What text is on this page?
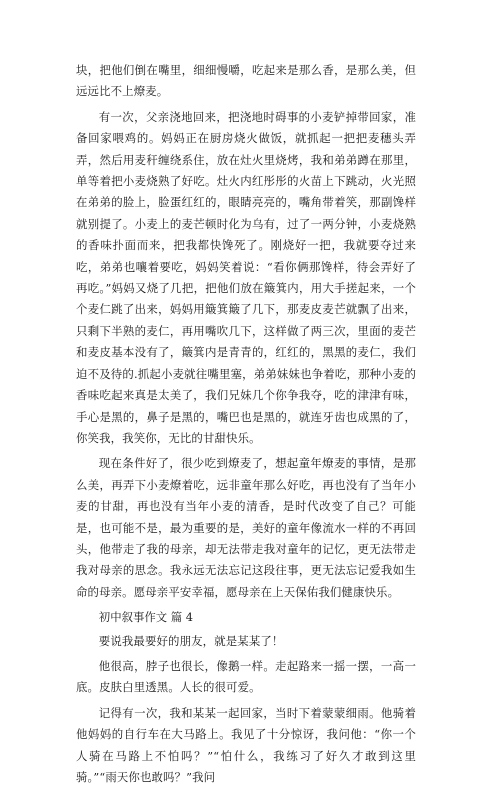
块，把他们倒在嘴里，细细慢嚼，吃起来是那么香，是那么美，但远远比不上燎麦。

有一次，父亲浇地回来，把浇地时碍事的小麦铲掉带回家，准备回家喂鸡的。妈妈正在厨房烧火做饭，就抓起一把把麦穗头弄弄，然后用麦秆缠绕系住，放在灶火里烧烤，我和弟弟蹲在那里，单等着把小麦烧熟了好吃。灶火内红彤彤的火苗上下跳动，火光照在弟弟的脸上，脸蛋红红的，眼睛亮亮的，嘴角带着笑，那副馋样就别提了。小麦上的麦芒顿时化为乌有，过了一两分钟，小麦烧熟的香味扑面而来，把我都快馋死了。刚烧好一把，我就要夺过来吃，弟弟也嚷着要吃，妈妈笑着说：“看你俩那馋样，待会弄好了再吃。”妈妈又烧了几把，把他们放在簸箕内，用大手搓起来，一个个麦仁跳了出来，妈妈用簸箕簸了几下，那麦皮麦芒就飘了出来，只剩下半熟的麦仁，再用嘴吹几下，这样做了两三次，里面的麦芒和麦皮基本没有了，簸箕内是青青的，红红的，黑黑的麦仁，我们迫不及待的.抓起小麦就往嘴里塞，弟弟妹妹也争着吃，那种小麦的香味吃起来真是太美了，我们兄妹几个你争我夺，吃的津津有味，手心是黑的，鼻子是黑的，嘴巴也是黑的，就连牙齿也成黑的了，你笑我，我笑你，无比的甘甜快乐。

现在条件好了，很少吃到燎麦了，想起童年燎麦的事情，是那么美，再弄下小麦燎着吃，远非童年那么好吃，再也没有了当年小麦的甘甜，再也没有当年小麦的清香，是时代改变了自己？可能是，也可能不是，最为重要的是，美好的童年像流水一样的不再回头，他带走了我的母亲，却无法带走我对童年的记忆，更无法带走我对母亲的思念。我永远无法忘记这段往事，更无法忘记爱我如生命的母亲。愿母亲平安幸福，愿母亲在上天保佑我们健康快乐。

初中叙事作文 篇 4

要说我最要好的朋友，就是某某了！

他很高，脖子也很长，像鹅一样。走起路来一摇一摆，一高一底。皮肤白里透黑。人长的很可爱。

记得有一次，我和某某一起回家，当时下着蒙蒙细雨。他骑着他妈妈的自行车在大马路上。我见了十分惊讶，我问他：“你一个人骑在马路上不怕吗？”“怕什么，我练习了好久才敢到这里骑。”“雨天你也敢吗？”我问
